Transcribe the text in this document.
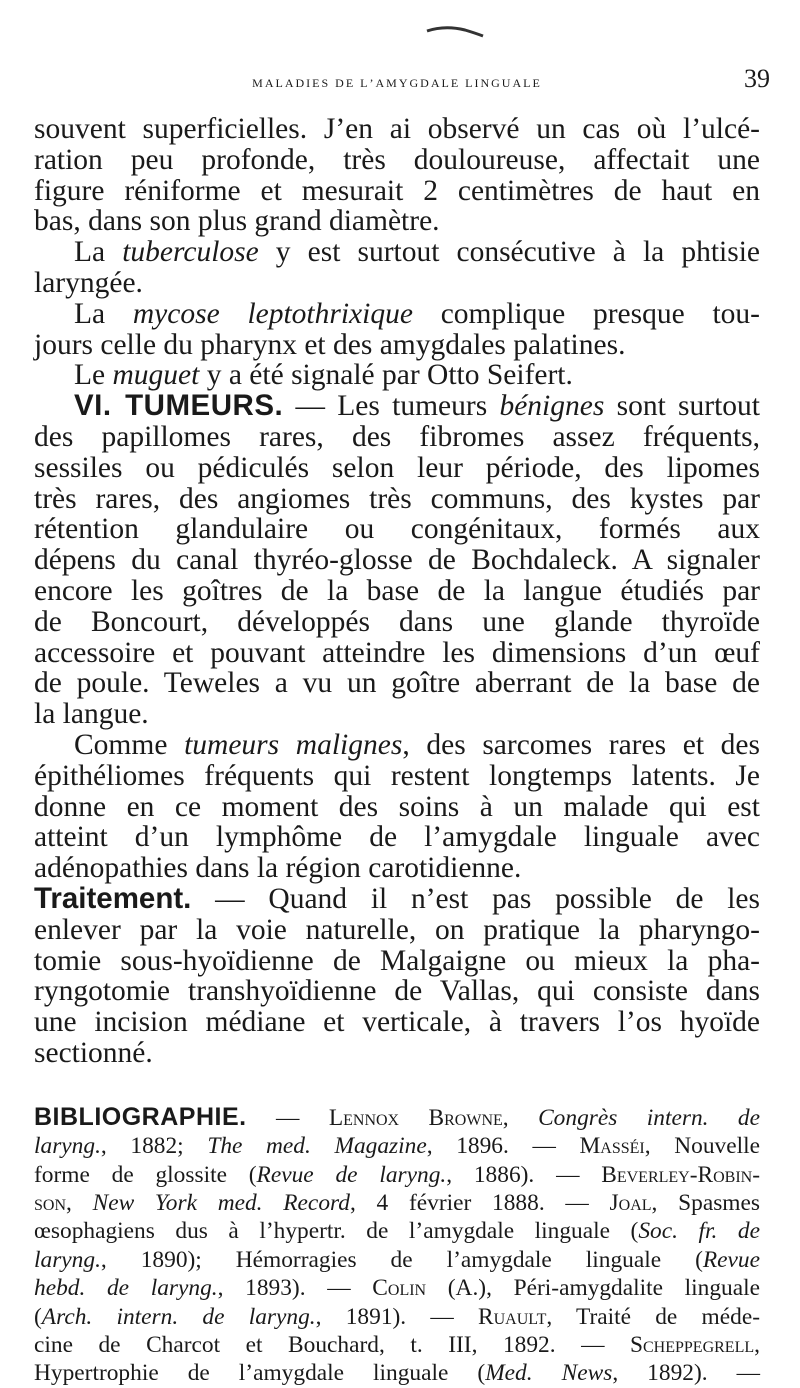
maladies de l’amygdale linguale	39
souvent superficielles. J’en ai observé un cas où l’ulcé-
ration peu profonde, très douloureuse, affectait une
figure réniforme et mesurait 2 centimètres de haut en
bas, dans son plus grand diamètre.
La tuberculose y est surtout consécutive à la phtisie
laryngée.
La mycose leptothrixique complique presque tou-
jours celle du pharynx et des amygdales palatines.
Le muguet y a été signalé par Otto Seifert.
VI. TUMEURS. — Les tumeurs bénignes sont surtout
des papillomes rares, des fibromes assez fréquents,
sessiles ou pédiculés selon leur période, des lipomes
très rares, des angiomes très communs, des kystes par
rétention glandulaire ou congénitaux, formés aux
dépens du canal thyréo-glosse de Bochdaleck. A signaler
encore les goîtres de la base de la langue étudiés par
de Boncourt, développés dans une glande thyroïde
accessoire et pouvant atteindre les dimensions d’un œuf
de poule. Teweles a vu un goître aberrant de la base de
la langue.
Comme tumeurs malignes, des sarcomes rares et des
épithéliomes fréquents qui restent longtemps latents. Je
donne en ce moment des soins à un malade qui est
atteint d’un lymphôme de l’amygdale linguale avec
adénopathies dans la région carotidienne.
Traitement. — Quand il n’est pas possible de les
enlever par la voie naturelle, on pratique la pharyngo-
tomie sous-hyoïdienne de Malgaigne ou mieux la pha-
ryngotomie transhyoïdienne de Vallas, qui consiste dans
une incision médiane et verticale, à travers l’os hyoïde
sectionné.
BIBLIOGRAPHIE. — Lennox Browne, Congrès intern. de
laryng., 1882; The med. Magazine, 1896. — Masséi, Nouvelle
forme de glossite (Revue de laryng., 1886). — Beverley-Robin-
son, New York med. Record, 4 février 1888. — Joal, Spasmes
œsophagiens dus à l’hypertr. de l’amygdale linguale (Soc. fr. de
laryng., 1890); Hémorragies de l’amygdale linguale (Revue
hebd. de laryng., 1893). — Colin (A.), Péri-amygdalite linguale
(Arch. intern. de laryng., 1891). — Ruault, Traité de méde-
cine de Charcot et Bouchard, t. III, 1892. — Scheppegrell,
Hypertrophie de l’amygdale linguale (Med. News, 1892). —
